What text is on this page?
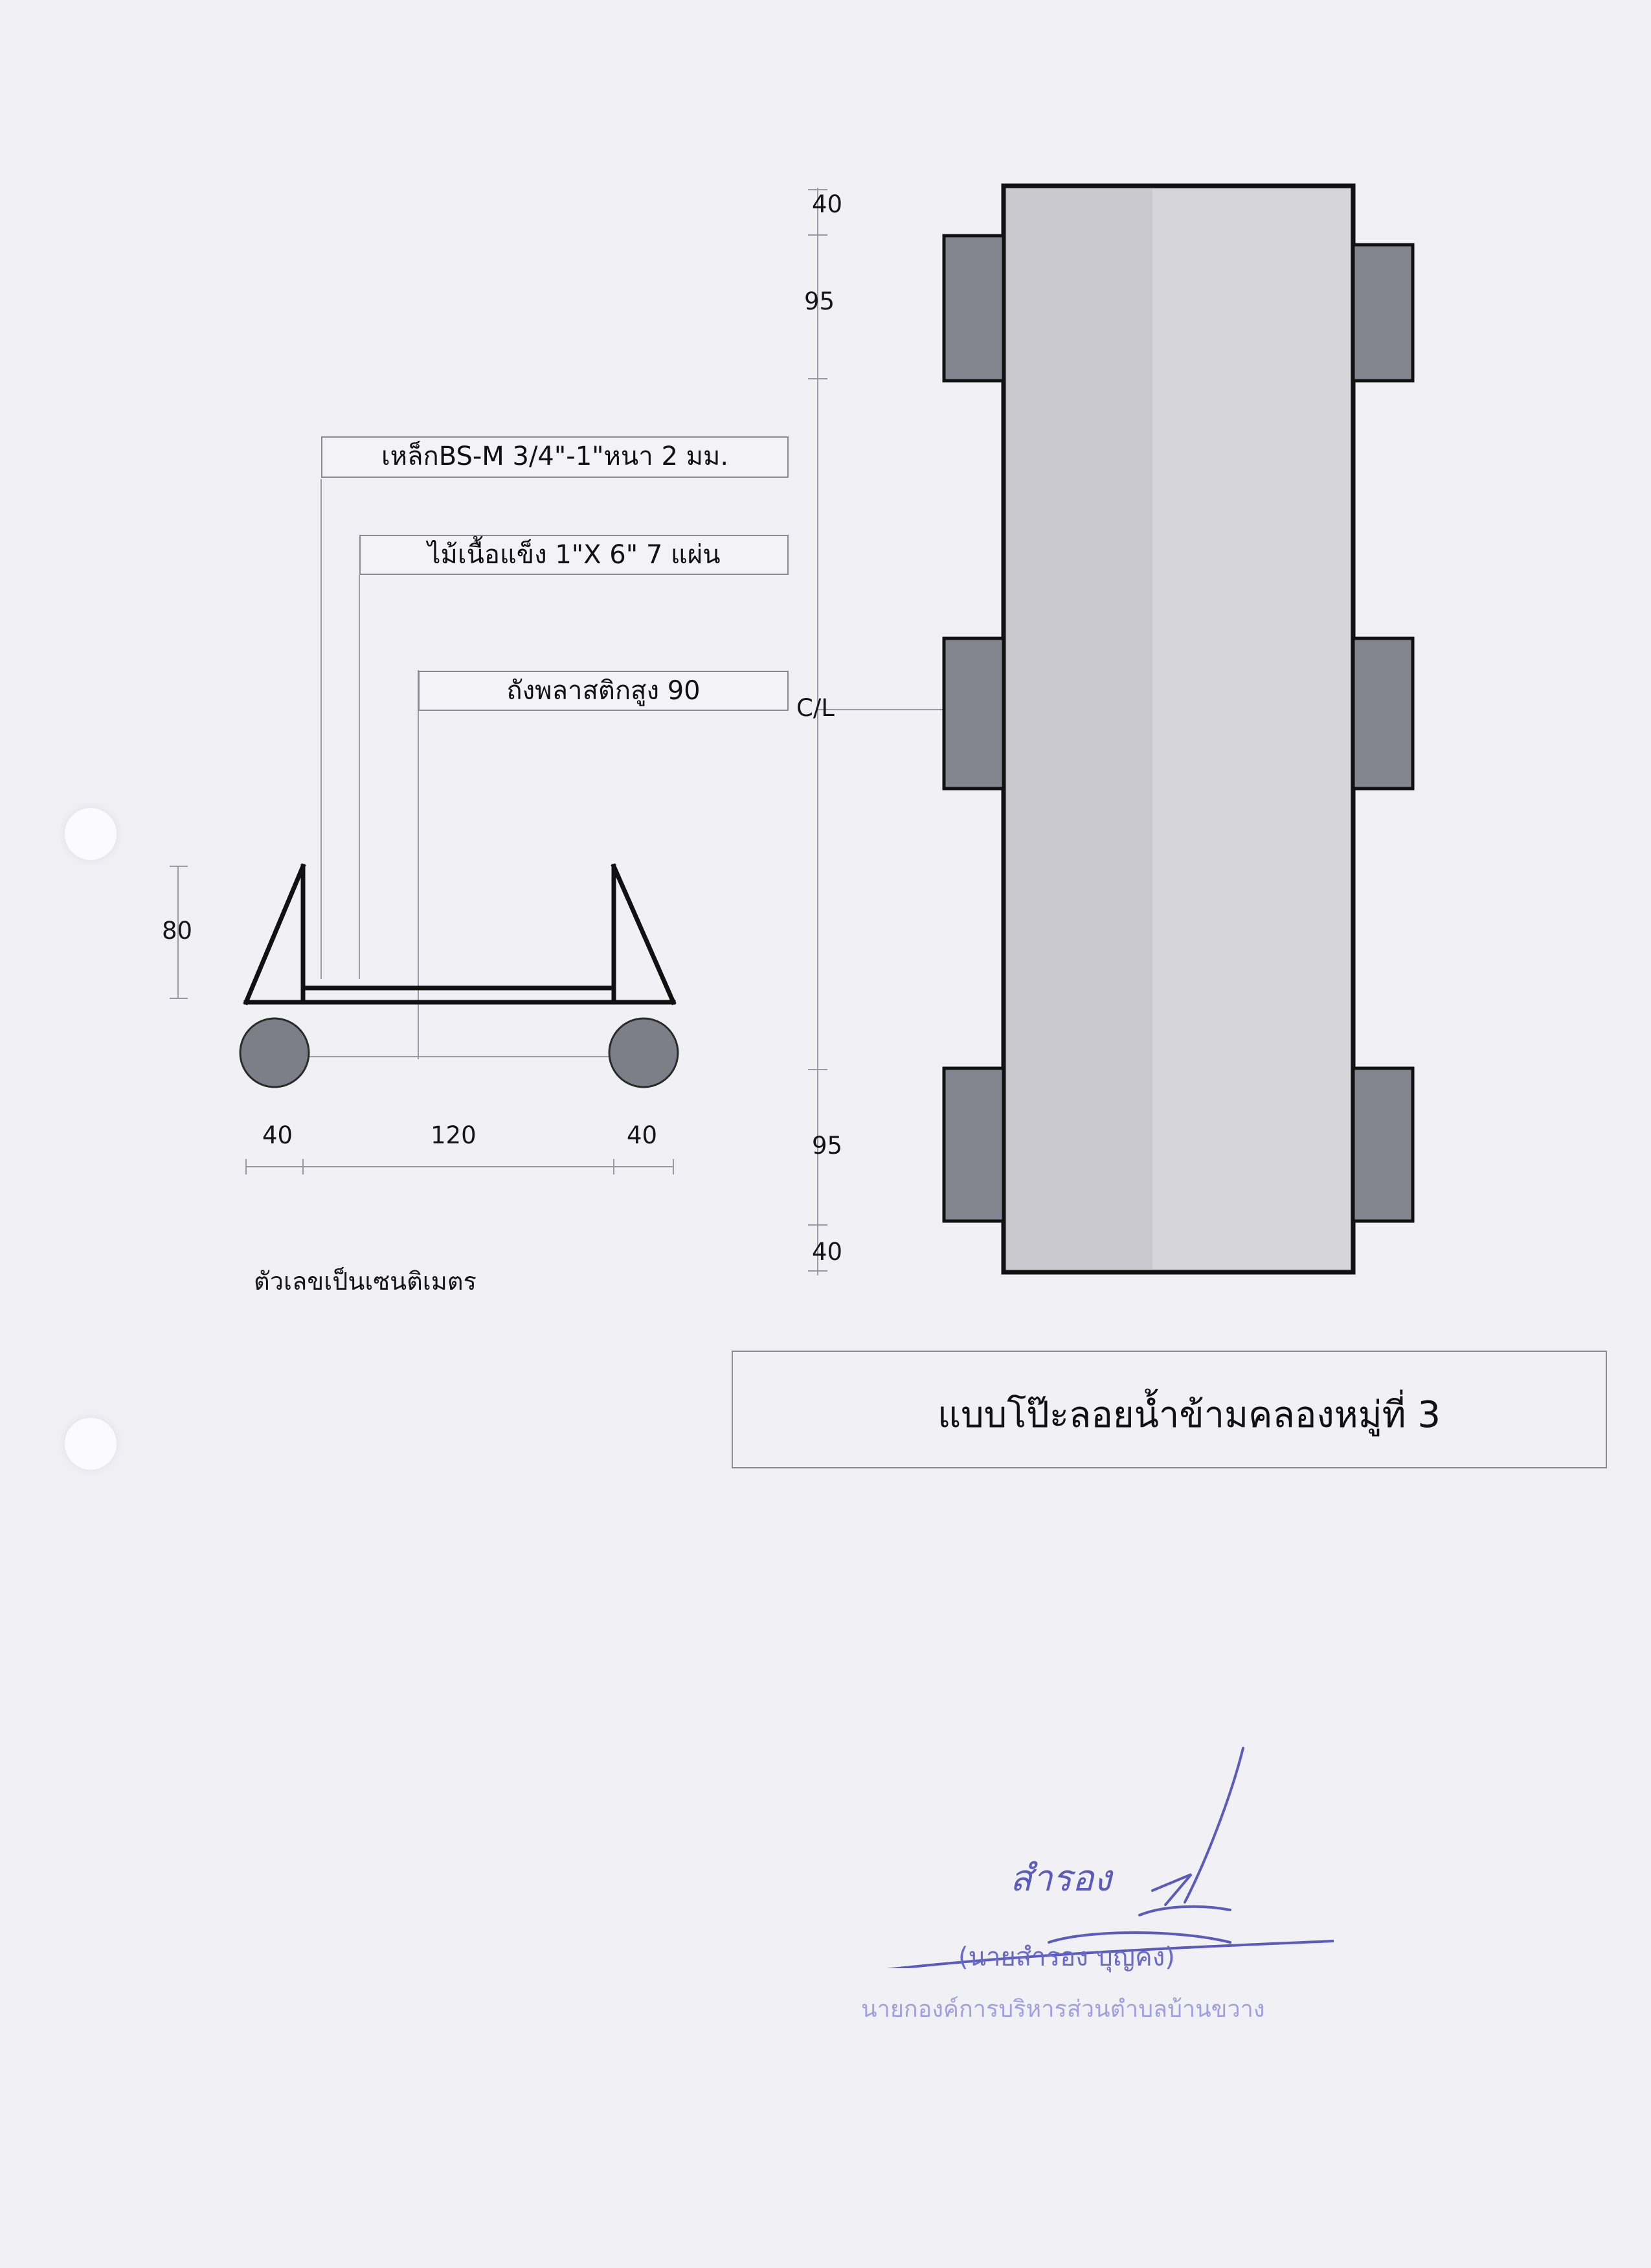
เหล็กBS-M 3/4"-1"หนา 2 มม.
ไม้เนื้อแข็ง 1"X 6" 7 แผ่น
ถังพลาสติกสูง 90
80
40	120	40
ตัวเลขเป็นเซนติเมตร
40
95
95
40
C/L
แบบโป๊ะลอยน้ำข้ามคลองหมู่ที่ 3
สำรอง
(นายสำรอง บุญคง)
นายกองค์การบริหารส่วนตำบลบ้านขวาง
